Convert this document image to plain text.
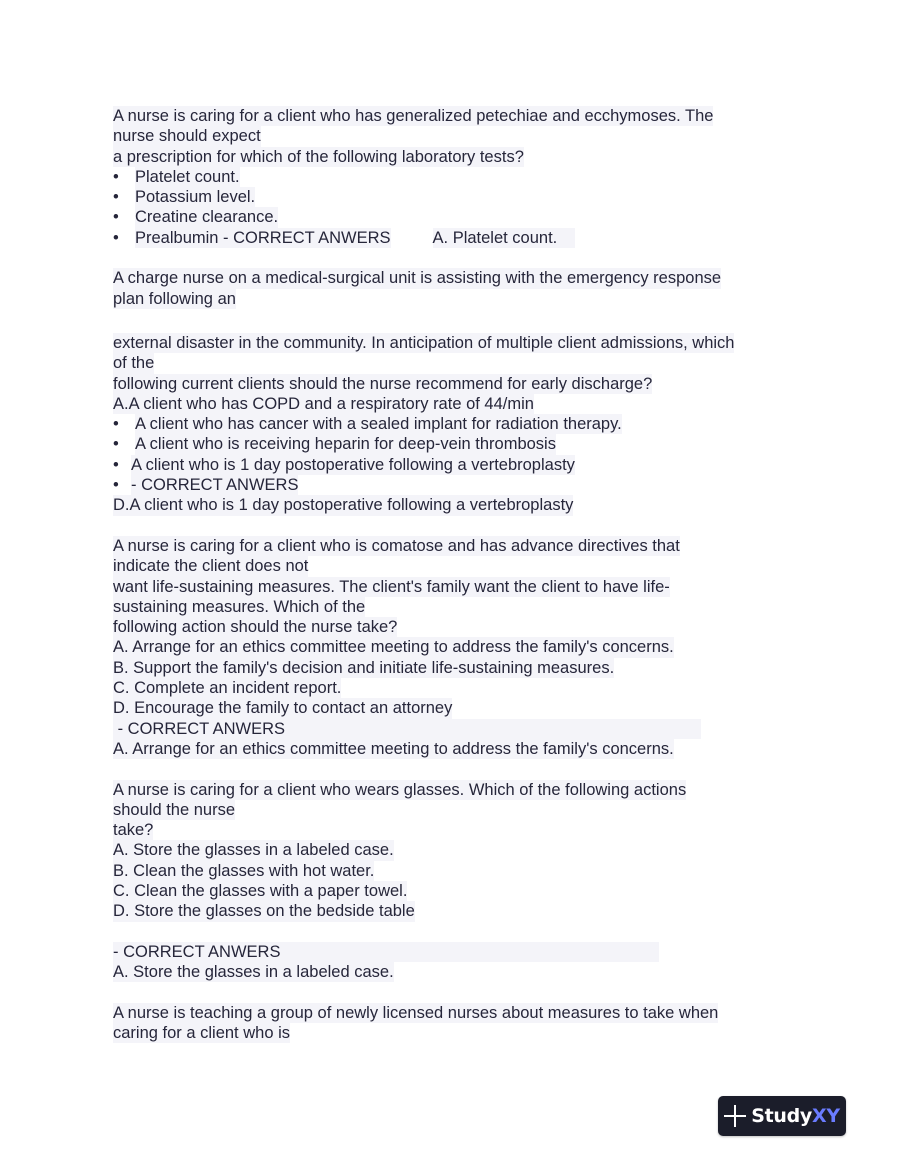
A nurse is caring for a client who has generalized petechiae and ecchymoses. The
nurse should expect
a prescription for which of the following laboratory tests?
• Platelet count.
• Potassium level.
• Creatine clearance.
• Prealbumin - CORRECT ANWERS	A. Platelet count.
A charge nurse on a medical-surgical unit is assisting with the emergency response
plan following an
external disaster in the community. In anticipation of multiple client admissions, which
of the
following current clients should the nurse recommend for early discharge?
A.A client who has COPD and a respiratory rate of 44/min
• A client who has cancer with a sealed implant for radiation therapy.
• A client who is receiving heparin for deep-vein thrombosis
• A client who is 1 day postoperative following a vertebroplasty
• - CORRECT ANWERS
D.A client who is 1 day postoperative following a vertebroplasty
A nurse is caring for a client who is comatose and has advance directives that
indicate the client does not
want life-sustaining measures. The client's family want the client to have life-
sustaining measures. Which of the
following action should the nurse take?
A. Arrange for an ethics committee meeting to address the family's concerns.
B. Support the family's decision and initiate life-sustaining measures.
C. Complete an incident report.
D. Encourage the family to contact an attorney
- CORRECT ANWERS
A. Arrange for an ethics committee meeting to address the family's concerns.
A nurse is caring for a client who wears glasses. Which of the following actions
should the nurse
take?
A. Store the glasses in a labeled case.
B. Clean the glasses with hot water.
C. Clean the glasses with a paper towel.
D. Store the glasses on the bedside table
- CORRECT ANWERS
A. Store the glasses in a labeled case.
A nurse is teaching a group of newly licensed nurses about measures to take when
caring for a client who is
StudyXY
